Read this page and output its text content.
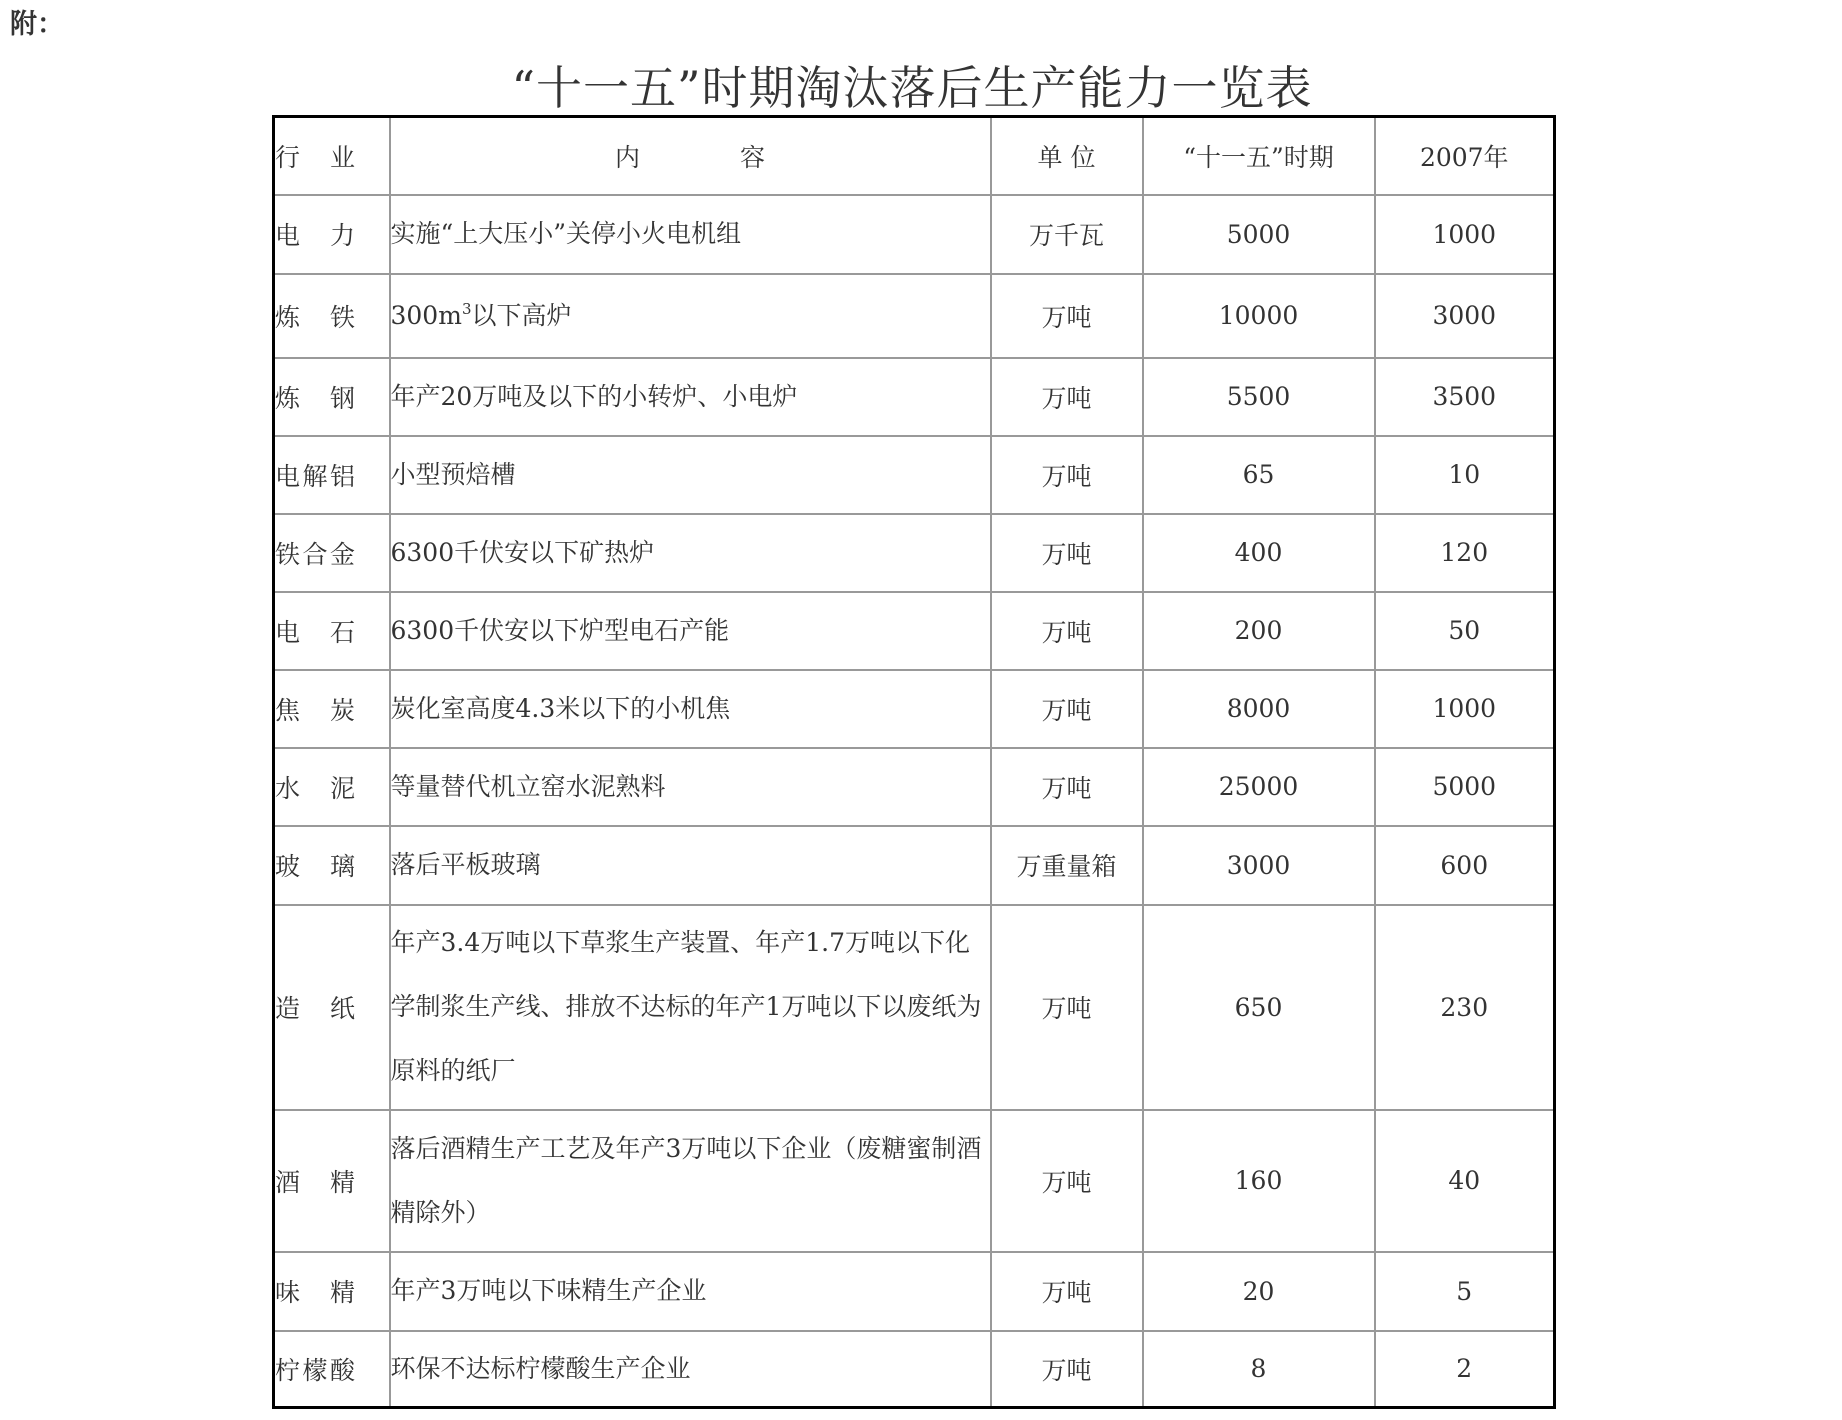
附：
“十一五”时期淘汰落后生产能力一览表
行 业	内 容	单 位	“十一五”时期	2007年
电 力	实施“上大压小”关停小火电机组	万千瓦	5000	1000
炼 铁	$300m^3$以下高炉	万吨	10000	3000
炼 钢	年产20万吨及以下的小转炉、小电炉	万吨	5500	3500
电解铝	小型预焙槽	万吨	65	10
铁合金	6300千伏安以下矿热炉	万吨	400	120
电 石	6300千伏安以下炉型电石产能	万吨	200	50
焦 炭	炭化室高度4.3米以下的小机焦	万吨	8000	1000
水 泥	等量替代机立窑水泥熟料	万吨	25000	5000
玻 璃	落后平板玻璃	万重量箱	3000	600
造 纸	年产3.4万吨以下草浆生产装置、年产1.7万吨以下化学制浆生产线、排放不达标的年产1万吨以下以废纸为原料的纸厂	万吨	650	230
酒 精	落后酒精生产工艺及年产3万吨以下企业（废糖蜜制酒精除外）	万吨	160	40
味 精	年产3万吨以下味精生产企业	万吨	20	5
柠檬酸	环保不达标柠檬酸生产企业	万吨	8	2
